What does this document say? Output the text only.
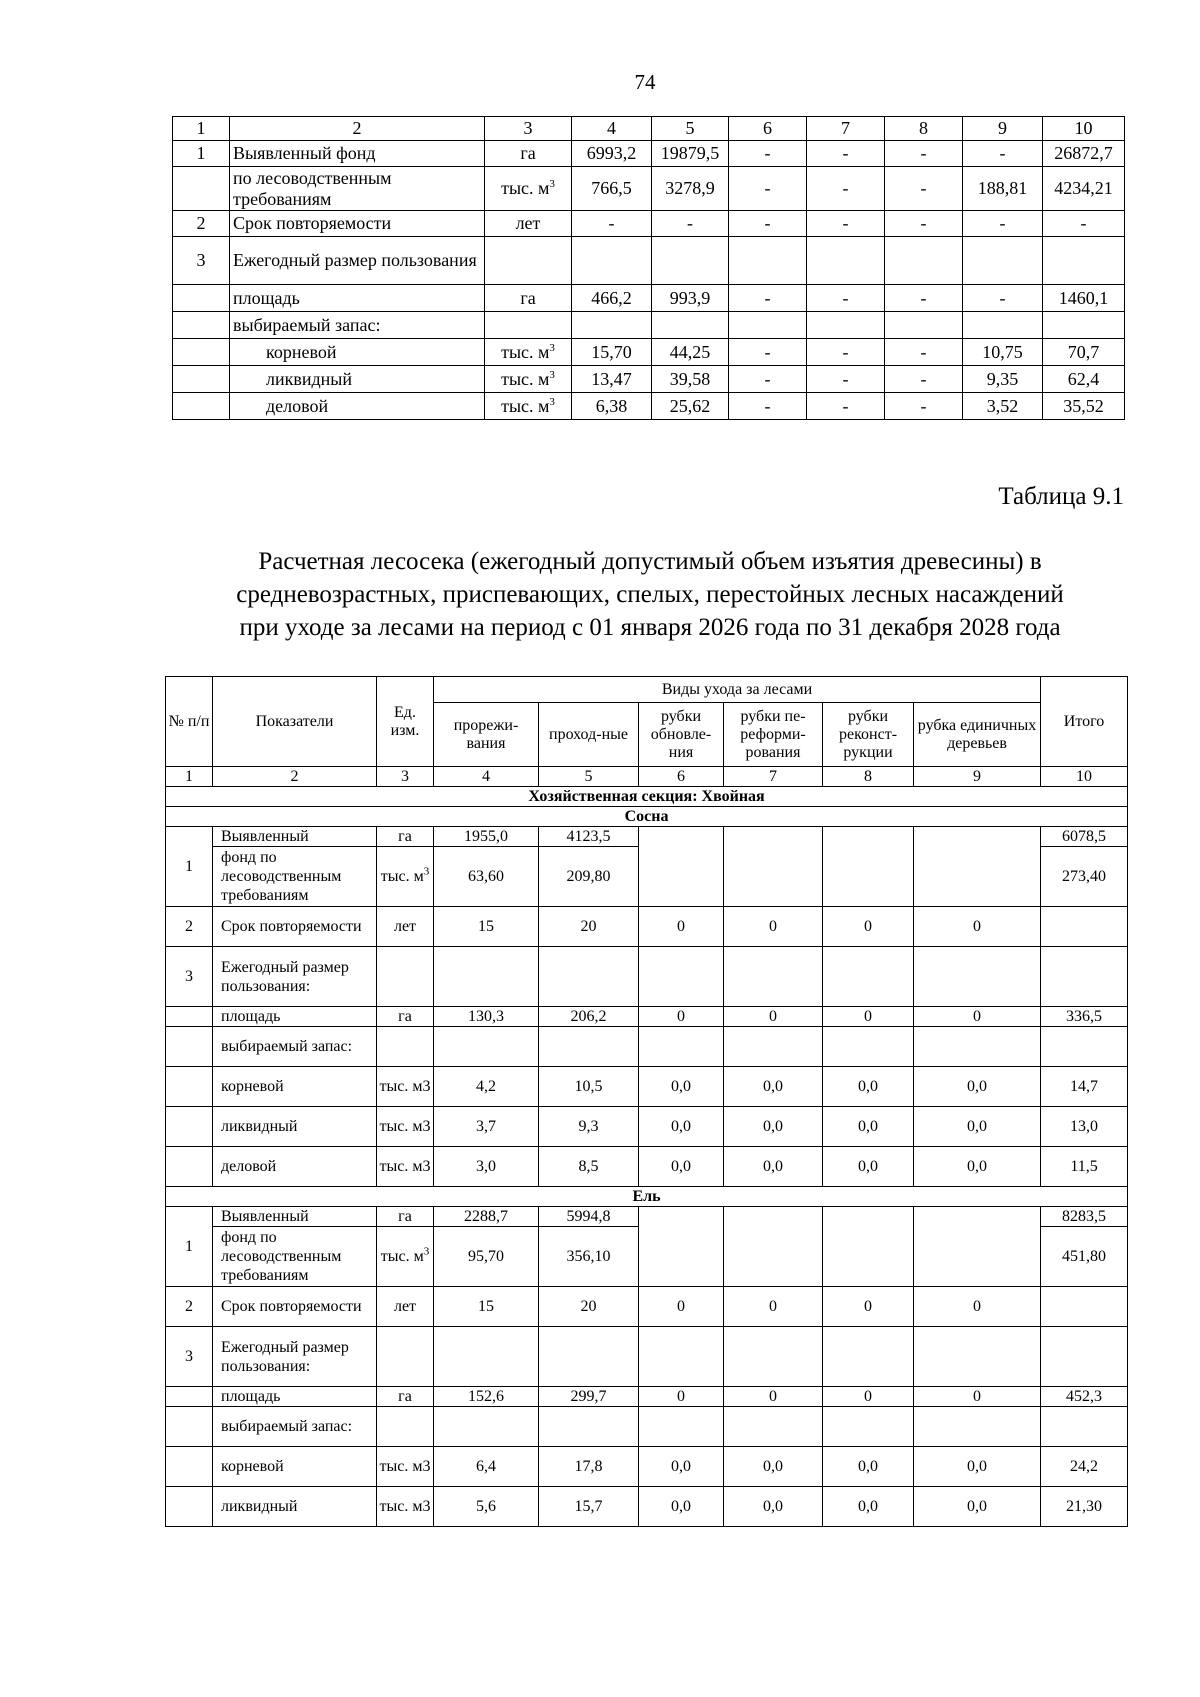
74
1	2	3	4	5	6	7	8	9	10
1	Выявленный фонд	га	6993,2	19879,5	-	-	-	-	26872,7
	по лесоводственным требованиям	тыс. $м^3$	766,5	3278,9	-	-	-	188,81	4234,21
2	Срок повторяемости	лет	-	-	-	-	-	-	-
3	Ежегодный размер пользования								
	площадь	га	466,2	993,9	-	-	-	-	1460,1
	выбираемый запас:								
	корневой	тыс. $м^3$	15,70	44,25	-	-	-	10,75	70,7
	ликвидный	тыс. $м^3$	13,47	39,58	-	-	-	9,35	62,4
	деловой	тыс. $м^3$	6,38	25,62	-	-	-	3,52	35,52
Таблица 9.1
Расчетная лесосека (ежегодный допустимый объем изъятия древесины) в
средневозрастных, приспевающих, спелых, перестойных лесных насаждений
при уходе за лесами на период с 01 января 2026 года по 31 декабря 2028 года
№ п/п	Показатели	Ед. изм.	Виды ухода за лесами						Итого
			прорежи-вания	проход-ные	рубки обновле-ния	рубки пе-реформи-рования	рубки реконст-рукции	рубка единичных деревьев	
1	2	3	4	5	6	7	8	9	10
Хозяйственная секция: Хвойная									
Сосна									
1	Выявленный	га	1955,0	4123,5					6078,5
	фонд по лесоводственным требованиям	тыс. $м^3$	63,60	209,80					273,40
2	Срок повторяемости	лет	15	20	0	0	0	0	
3	Ежегодный размер пользования:								
	площадь	га	130,3	206,2	0	0	0	0	336,5
	выбираемый запас:								
	корневой	тыс. м3	4,2	10,5	0,0	0,0	0,0	0,0	14,7
	ликвидный	тыс. м3	3,7	9,3	0,0	0,0	0,0	0,0	13,0
	деловой	тыс. м3	3,0	8,5	0,0	0,0	0,0	0,0	11,5
Ель									
1	Выявленный	га	2288,7	5994,8					8283,5
	фонд по лесоводственным требованиям	тыс. $м^3$	95,70	356,10					451,80
2	Срок повторяемости	лет	15	20	0	0	0	0	
3	Ежегодный размер пользования:								
	площадь	га	152,6	299,7	0	0	0	0	452,3
	выбираемый запас:								
	корневой	тыс. м3	6,4	17,8	0,0	0,0	0,0	0,0	24,2
	ликвидный	тыс. м3	5,6	15,7	0,0	0,0	0,0	0,0	21,30
